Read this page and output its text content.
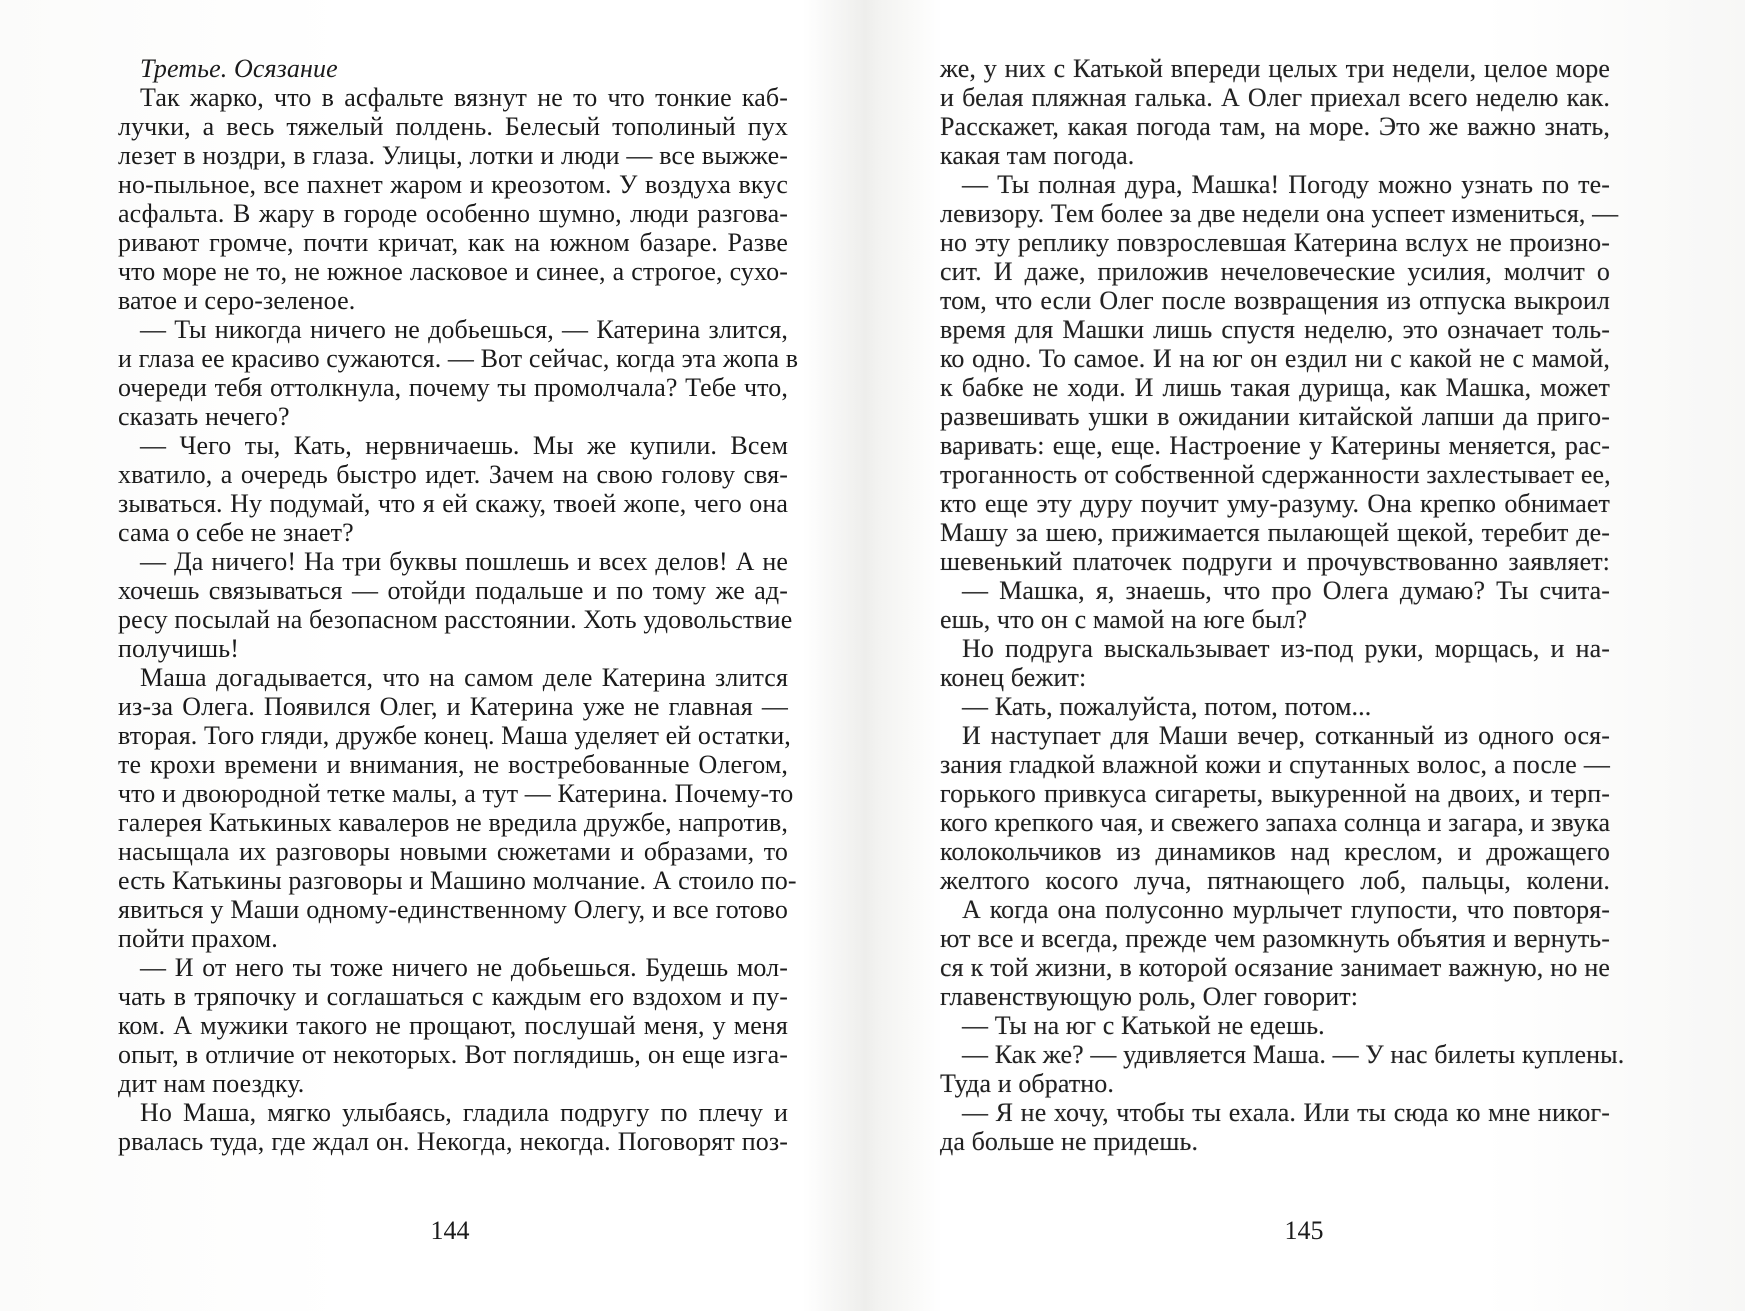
Третье. Осязание
Так жарко, что в асфальте вязнут не то что тонкие каб-
лучки, а весь тяжелый полдень. Белесый тополиный пух
лезет в ноздри, в глаза. Улицы, лотки и люди — все выжже-
но-пыльное, все пахнет жаром и креозотом. У воздуха вкус
асфальта. В жару в городе особенно шумно, люди разгова-
ривают громче, почти кричат, как на южном базаре. Разве
что море не то, не южное ласковое и синее, а строгое, сухо-
ватое и серо-зеленое.
— Ты никогда ничего не добьешься, — Катерина злится,
и глаза ее красиво сужаются. — Вот сейчас, когда эта жопа в
очереди тебя оттолкнула, почему ты промолчала? Тебе что,
сказать нечего?
— Чего ты, Кать, нервничаешь. Мы же купили. Всем
хватило, а очередь быстро идет. Зачем на свою голову свя-
зываться. Ну подумай, что я ей скажу, твоей жопе, чего она
сама о себе не знает?
— Да ничего! На три буквы пошлешь и всех делов! А не
хочешь связываться — отойди подальше и по тому же ад-
ресу посылай на безопасном расстоянии. Хоть удовольствие
получишь!
Маша догадывается, что на самом деле Катерина злится
из-за Олега. Появился Олег, и Катерина уже не главная —
вторая. Того гляди, дружбе конец. Маша уделяет ей остатки,
те крохи времени и внимания, не востребованные Олегом,
что и двоюродной тетке малы, а тут — Катерина. Почему-то
галерея Катькиных кавалеров не вредила дружбе, напротив,
насыщала их разговоры новыми сюжетами и образами, то
есть Катькины разговоры и Машино молчание. А стоило по-
явиться у Маши одному-единственному Олегу, и все готово
пойти прахом.
— И от него ты тоже ничего не добьешься. Будешь мол-
чать в тряпочку и соглашаться с каждым его вздохом и пу-
ком. А мужики такого не прощают, послушай меня, у меня
опыт, в отличие от некоторых. Вот поглядишь, он еще изга-
дит нам поездку.
Но Маша, мягко улыбаясь, гладила подругу по плечу и
рвалась туда, где ждал он. Некогда, некогда. Поговорят поз-
же, у них с Катькой впереди целых три недели, целое море
и белая пляжная галька. А Олег приехал всего неделю как.
Расскажет, какая погода там, на море. Это же важно знать,
какая там погода.
— Ты полная дура, Машка! Погоду можно узнать по те-
левизору. Тем более за две недели она успеет измениться, —
но эту реплику повзрослевшая Катерина вслух не произно-
сит. И даже, приложив нечеловеческие усилия, молчит о
том, что если Олег после возвращения из отпуска выкроил
время для Машки лишь спустя неделю, это означает толь-
ко одно. То самое. И на юг он ездил ни с какой не с мамой,
к бабке не ходи. И лишь такая дурища, как Машка, может
развешивать ушки в ожидании китайской лапши да приго-
варивать: еще, еще. Настроение у Катерины меняется, рас-
троганность от собственной сдержанности захлестывает ее,
кто еще эту дуру поучит уму-разуму. Она крепко обнимает
Машу за шею, прижимается пылающей щекой, теребит де-
шевенький платочек подруги и прочувствованно заявляет:
— Машка, я, знаешь, что про Олега думаю? Ты счита-
ешь, что он с мамой на юге был?
Но подруга выскальзывает из-под руки, морщась, и на-
конец бежит:
— Кать, пожалуйста, потом, потом...
И наступает для Маши вечер, сотканный из одного ося-
зания гладкой влажной кожи и спутанных волос, а после —
горького привкуса сигареты, выкуренной на двоих, и терп-
кого крепкого чая, и свежего запаха солнца и загара, и звука
колокольчиков из динамиков над креслом, и дрожащего
желтого косого луча, пятнающего лоб, пальцы, колени.
А когда она полусонно мурлычет глупости, что повторя-
ют все и всегда, прежде чем разомкнуть объятия и вернуть-
ся к той жизни, в которой осязание занимает важную, но не
главенствующую роль, Олег говорит:
— Ты на юг с Катькой не едешь.
— Как же? — удивляется Маша. — У нас билеты куплены.
Туда и обратно.
— Я не хочу, чтобы ты ехала. Или ты сюда ко мне никог-
да больше не придешь.
144	145
